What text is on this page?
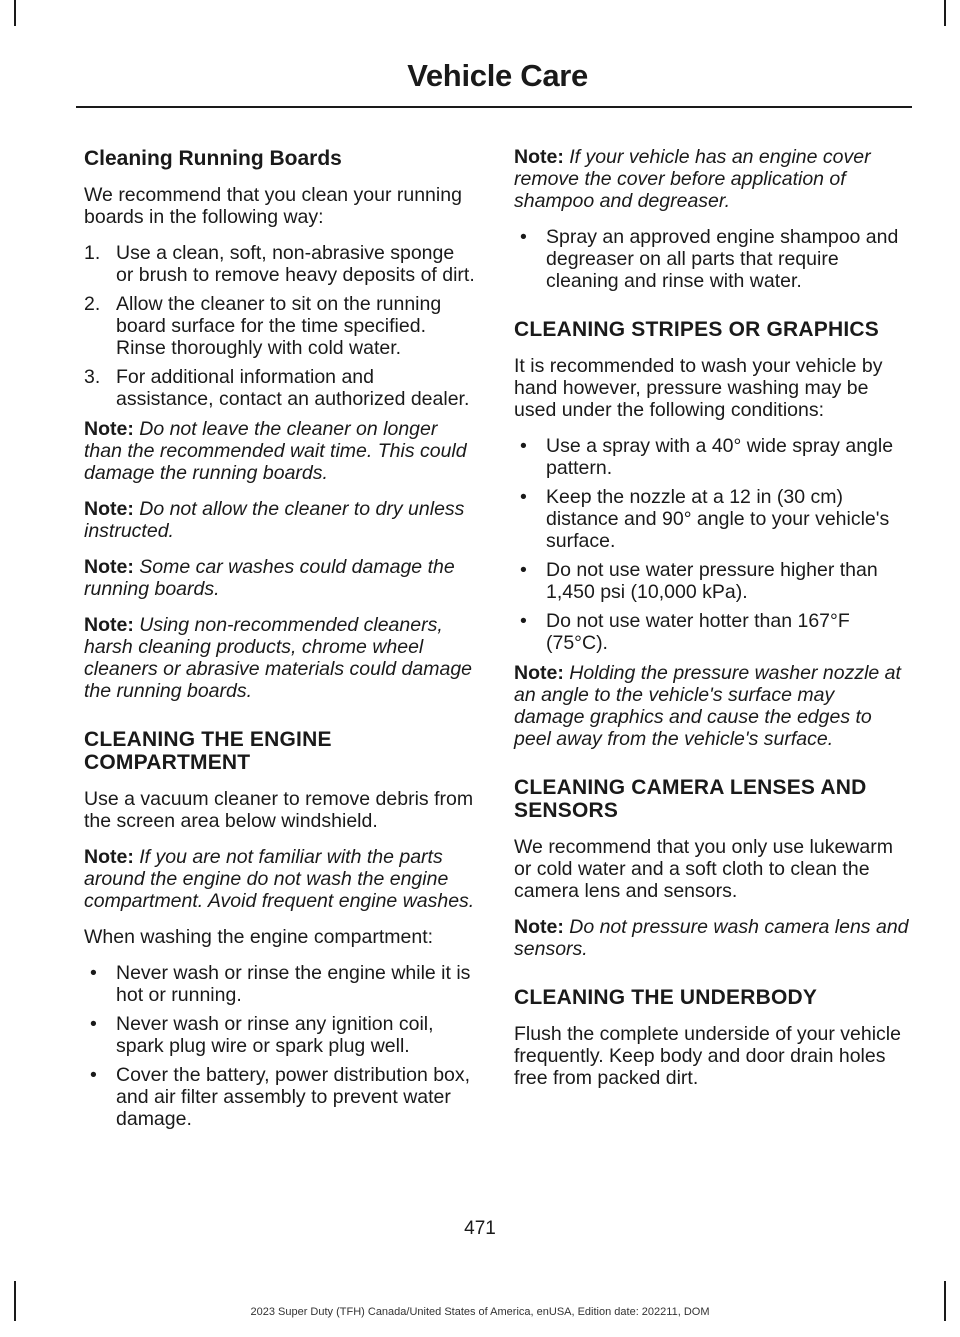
Vehicle Care
Cleaning Running Boards

We recommend that you clean your running boards in the following way:

1. Use a clean, soft, non-abrasive sponge or brush to remove heavy deposits of dirt.
2. Allow the cleaner to sit on the running board surface for the time specified. Rinse thoroughly with cold water.
3. For additional information and assistance, contact an authorized dealer.

Note: Do not leave the cleaner on longer than the recommended wait time. This could damage the running boards.

Note: Do not allow the cleaner to dry unless instructed.

Note: Some car washes could damage the running boards.

Note: Using non-recommended cleaners, harsh cleaning products, chrome wheel cleaners or abrasive materials could damage the running boards.

CLEANING THE ENGINE COMPARTMENT

Use a vacuum cleaner to remove debris from the screen area below windshield.

Note: If you are not familiar with the parts around the engine do not wash the engine compartment. Avoid frequent engine washes.

When washing the engine compartment:

• Never wash or rinse the engine while it is hot or running.
• Never wash or rinse any ignition coil, spark plug wire or spark plug well.
• Cover the battery, power distribution box, and air filter assembly to prevent water damage.

Note: If your vehicle has an engine cover remove the cover before application of shampoo and degreaser.

• Spray an approved engine shampoo and degreaser on all parts that require cleaning and rinse with water.
CLEANING STRIPES OR GRAPHICS

It is recommended to wash your vehicle by hand however, pressure washing may be used under the following conditions:

• Use a spray with a 40° wide spray angle pattern.
• Keep the nozzle at a 12 in (30 cm) distance and 90° angle to your vehicle's surface.
• Do not use water pressure higher than 1,450 psi (10,000 kPa).
• Do not use water hotter than 167°F (75°C).

Note: Holding the pressure washer nozzle at an angle to the vehicle's surface may damage graphics and cause the edges to peel away from the vehicle's surface.

CLEANING CAMERA LENSES AND SENSORS

We recommend that you only use lukewarm or cold water and a soft cloth to clean the camera lens and sensors.

Note: Do not pressure wash camera lens and sensors.

CLEANING THE UNDERBODY

Flush the complete underside of your vehicle frequently. Keep body and door drain holes free from packed dirt.

471
2023 Super Duty (TFH) Canada/United States of America, enUSA, Edition date: 202211, DOM
